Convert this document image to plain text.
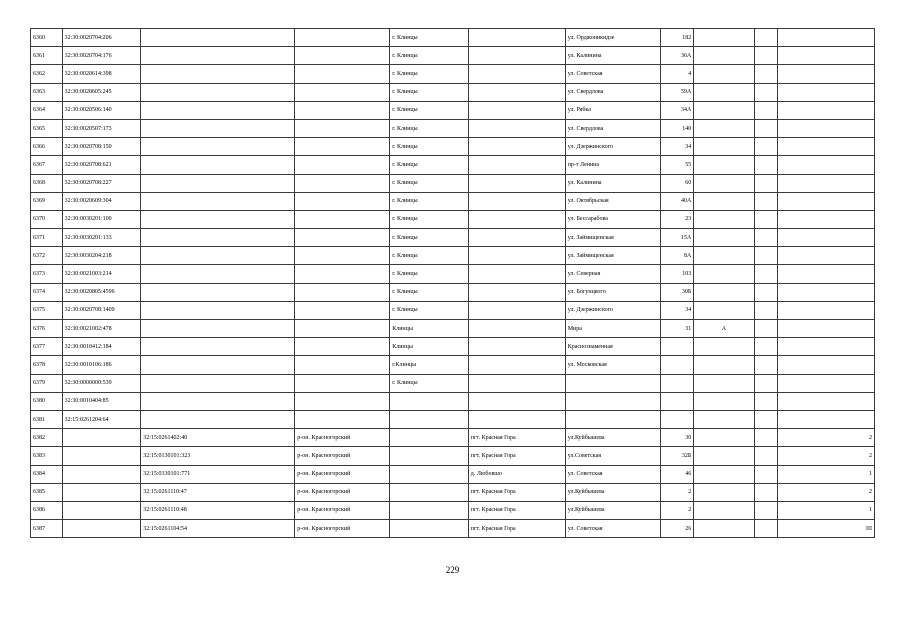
6360	32:30:0020704:206			г. Клинцы		ул. Орджоникидзе	182			
6361	32:30:0020704:176			г. Клинцы		ул. Калинина	36А			
6362	32:30:0020614:398			г. Клинцы		ул. Советская	4			
6363	32:30:0020605:245			г. Клинцы		ул. Свердлова	59А			
6364	32:30:0020506:140			г. Клинцы		ул. Рябка	34А			
6365	32:30:0020507:173			г. Клинцы		ул. Свердлова	140			
6366	32:30:0020708:150			г. Клинцы		ул. Дзержинского	34			
6367	32:30:0020708:621			г. Клинцы		пр-т Ленина	55			
6368	32:30:0020708:227			г. Клинцы		ул. Калинина	60			
6369	32:30:0020609:304			г. Клинцы		ул. Октябрьская	40А			
6370	32:30:0030201:100			г. Клинцы		ул. Бессарабова	23			
6371	32:30:0030201:133			г. Клинцы		ул. Займищенская	15А			
6372	32:30:0030204:218			г. Клинцы		ул. Займищенская	8А			
6373	32:30:0021003:214			г. Клинцы		ул. Северная	103			
6374	32:30:0020805:4596			г. Клинцы		ул. Богунцкого	30Б			
6375	32:30:0020708:1409			г. Клинцы		ул. Дзержинского	34			
6376	32:30:0021002:478			Клинцы		Мира	31	А		
6377	32:30:0010412:184			Клинцы		Краснознаменная				
6378	32:30:0010106:186			г.Клинцы		ул. Московская				
6379	32:30:0000000:539			г. Клинцы						
6380	32:30:0010404:85									
6381	32:15:0261204:64									
6382		32:15:0261402:40	р-он. Красногорский		пгт. Красная Гора	ул.Куйбышева	30			2
6383		32:15:0130101:323	р-он. Красногорский		пгт. Красная Гора	ул.Советская	32Б			2
6384		32:15:0330101:771	р-он. Красногорский		д. Любовшо	ул. Советская	46			1
6385		32:15:0261110:47	р-он. Красногорский		пгт. Красная Гора	ул.Куйбышева	2			2
6386		32:15:0261110:48	р-он. Красногорский		пгт. Красная Гора	ул.Куйбышева	2			1
6387		32:15:0261104:54	р-он. Красногорский		пгт. Красная Гора	ул. Советская	26			III
229
